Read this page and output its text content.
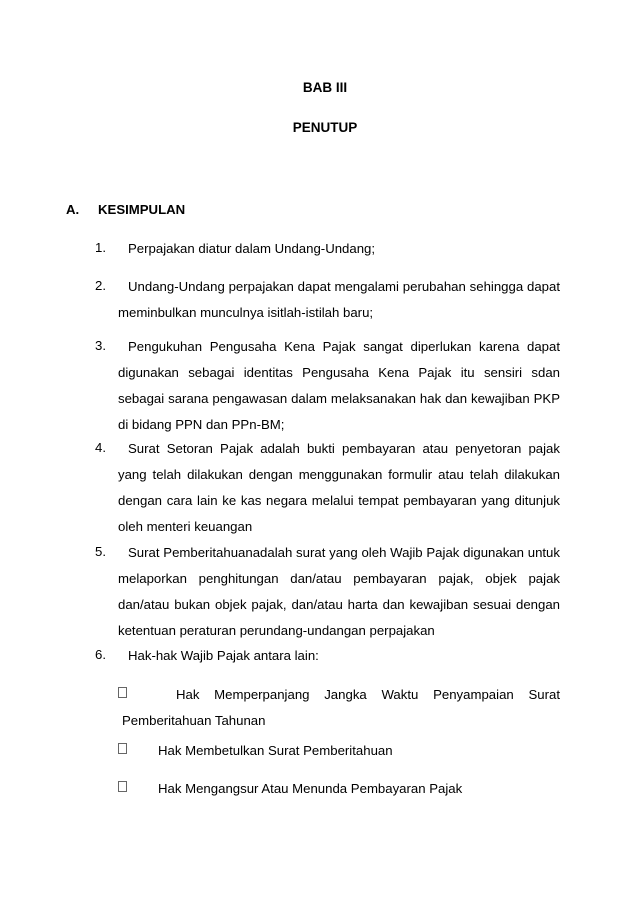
BAB III
PENUTUP
A. KESIMPULAN
1.	Perpajakan diatur dalam Undang-Undang;
2.	Undang-Undang perpajakan dapat mengalami perubahan sehingga dapat meminbulkan munculnya isitlah-istilah baru;
3.	Pengukuhan Pengusaha Kena Pajak sangat diperlukan karena dapat digunakan sebagai identitas Pengusaha Kena Pajak itu sensiri sdan sebagai sarana pengawasan dalam melaksanakan hak dan kewajiban PKP di bidang PPN dan PPn-BM;
4.	Surat Setoran Pajak adalah bukti pembayaran atau penyetoran pajak yang telah dilakukan dengan menggunakan formulir atau telah dilakukan dengan cara lain ke kas negara melalui tempat pembayaran yang ditunjuk oleh menteri keuangan
5.	Surat Pemberitahuanadalah surat yang oleh Wajib Pajak digunakan untuk melaporkan penghitungan dan/atau pembayaran pajak, objek pajak dan/atau bukan objek pajak, dan/atau harta dan kewajiban sesuai dengan ketentuan peraturan perundang-undangan perpajakan
6.	Hak-hak Wajib Pajak antara lain:
Hak Memperpanjang Jangka Waktu Penyampaian Surat Pemberitahuan Tahunan
Hak Membetulkan Surat Pemberitahuan
Hak Mengangsur Atau Menunda Pembayaran Pajak
